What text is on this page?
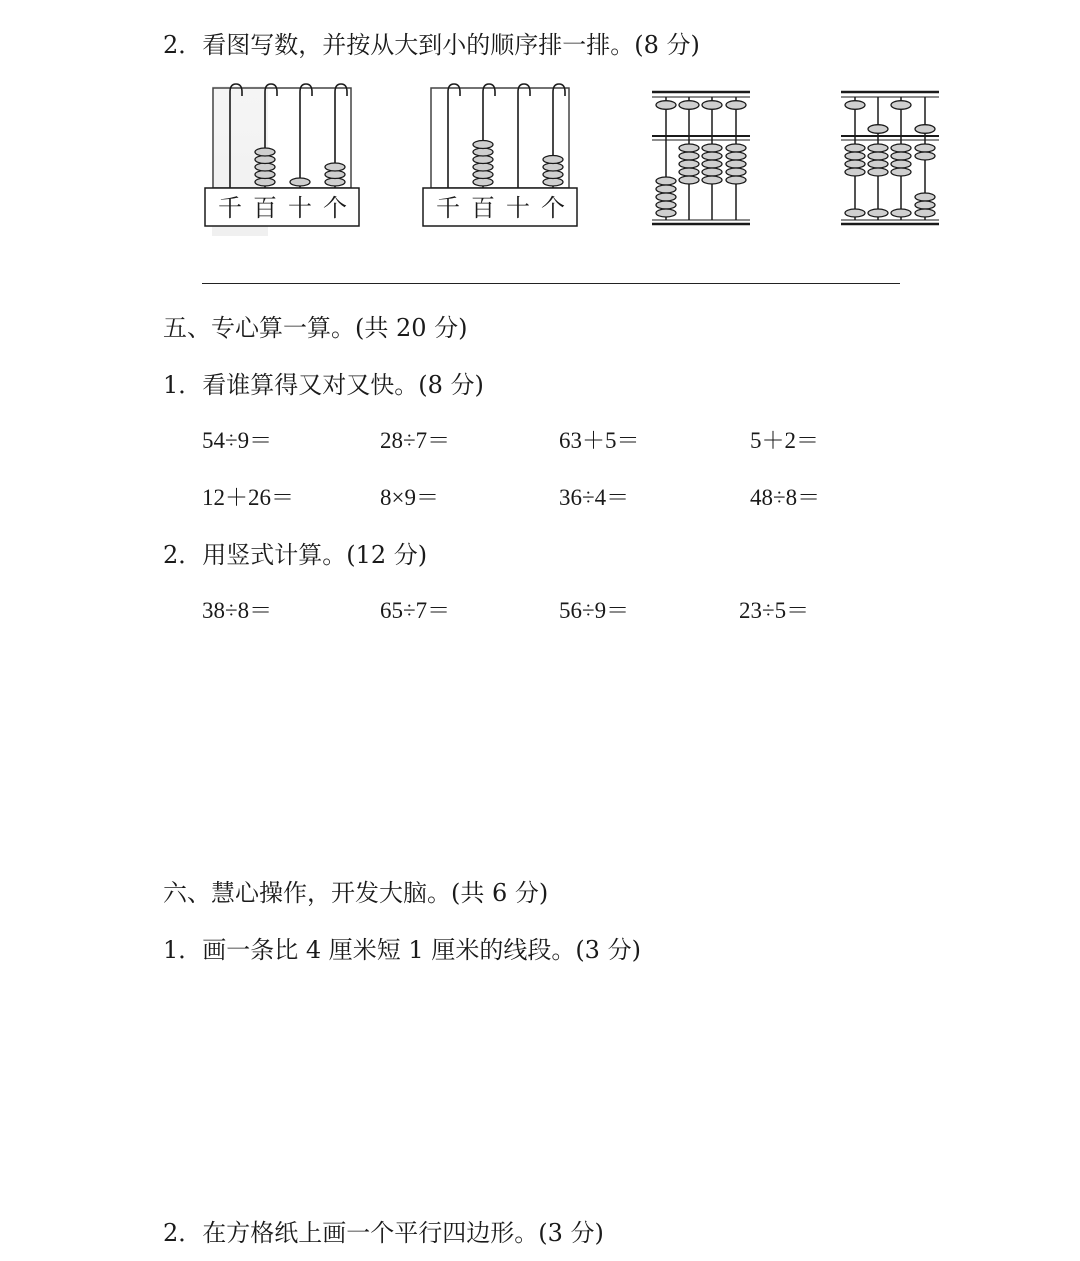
2．看图写数，并按从大到小的顺序排一排。(8 分)
千 百 十 个	千 百 十 个
五、专心算一算。(共 20 分)
1．看谁算得又对又快。(8 分)
54÷9＝	28÷7＝	63＋5＝	5＋2＝
12＋26＝	8×9＝	36÷4＝	48÷8＝
2．用竖式计算。(12 分)
38÷8＝	65÷7＝	56÷9＝	23÷5＝
六、慧心操作，开发大脑。(共 6 分)
1．画一条比 4 厘米短 1 厘米的线段。(3 分)
2．在方格纸上画一个平行四边形。(3 分)
